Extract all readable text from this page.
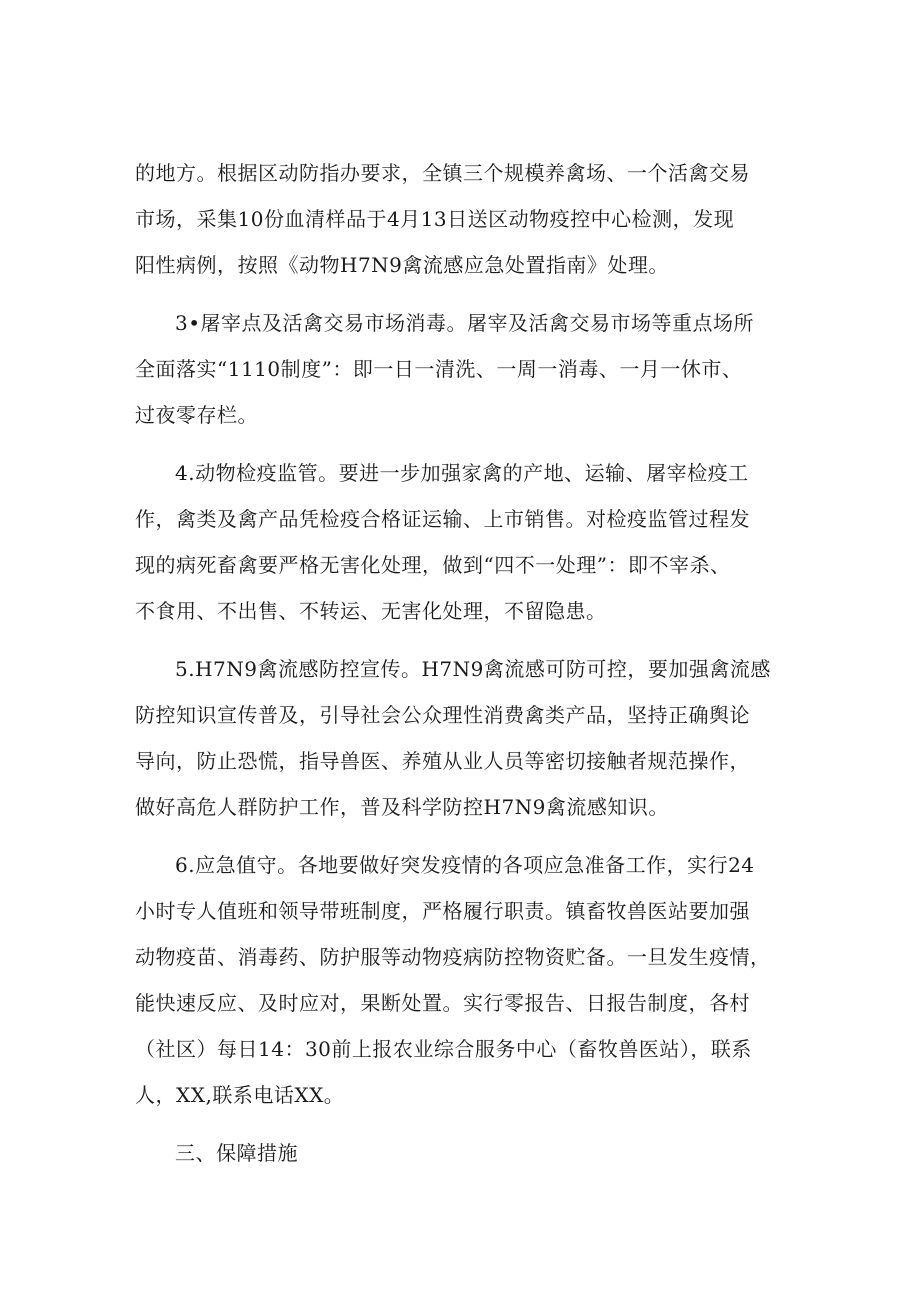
的地方。根据区动防指办要求，全镇三个规模养禽场、一个活禽交易
市场，采集10份血清样品于4月13日送区动物疫控中心检测，发现
阳性病例，按照《动物H7N9禽流感应急处置指南》处理。

3•屠宰点及活禽交易市场消毒。屠宰及活禽交易市场等重点场所
全面落实“1110制度”：即一日一清洗、一周一消毒、一月一休市、
过夜零存栏。

4.动物检疫监管。要进一步加强家禽的产地、运输、屠宰检疫工
作，禽类及禽产品凭检疫合格证运输、上市销售。对检疫监管过程发
现的病死畜禽要严格无害化处理，做到“四不一处理”：即不宰杀、
不食用、不出售、不转运、无害化处理，不留隐患。

5.H7N9禽流感防控宣传。H7N9禽流感可防可控，要加强禽流感
防控知识宣传普及，引导社会公众理性消费禽类产品，坚持正确舆论
导向，防止恐慌，指导兽医、养殖从业人员等密切接触者规范操作，
做好高危人群防护工作，普及科学防控H7N9禽流感知识。

6.应急值守。各地要做好突发疫情的各项应急准备工作，实行24
小时专人值班和领导带班制度，严格履行职责。镇畜牧兽医站要加强
动物疫苗、消毒药、防护服等动物疫病防控物资贮备。一旦发生疫情，
能快速反应、及时应对，果断处置。实行零报告、日报告制度，各村
（社区）每日14：30前上报农业综合服务中心（畜牧兽医站），联系
人，XX,联系电话XX。

三、保障措施
